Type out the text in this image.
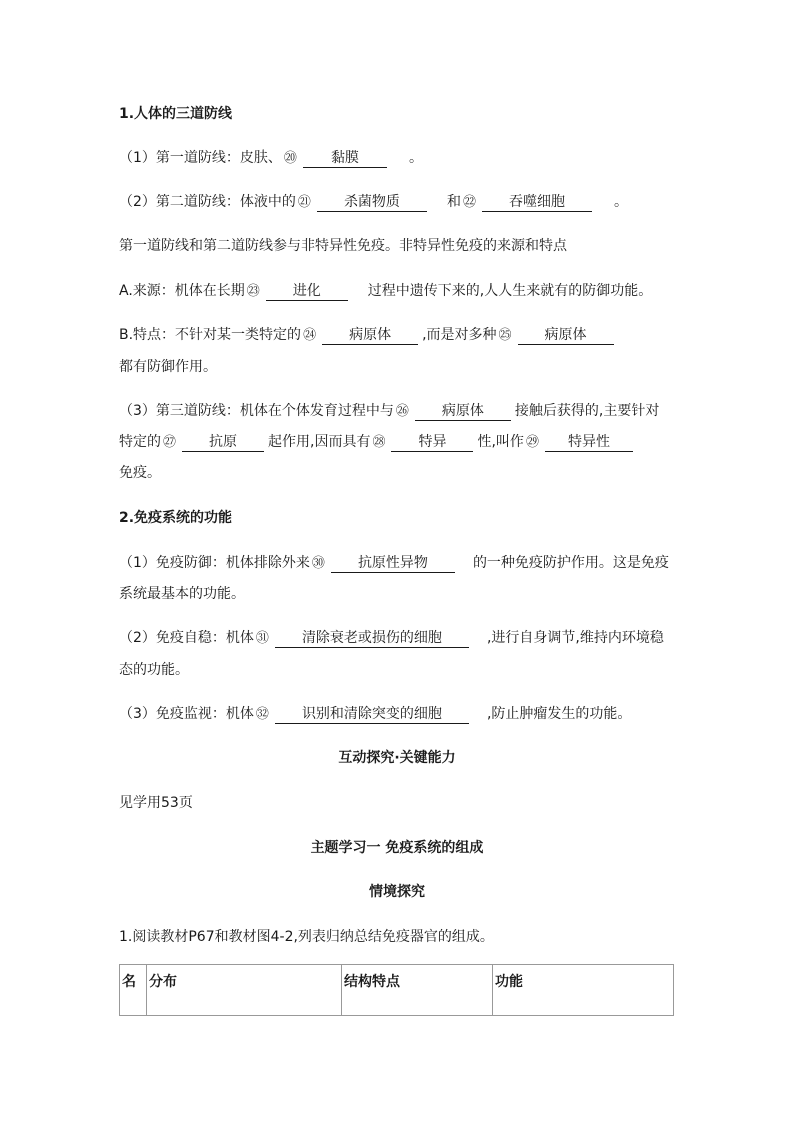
1.人体的三道防线
（1）第一道防线：皮肤、 ⑳ 黏膜	。
（2）第二道防线：体液中的 ㉑ 杀菌物质	和 ㉒ 吞噬细胞	。
第一道防线和第二道防线参与非特异性免疫。非特异性免疫的来源和特点
A.来源：机体在长期 ㉓ 进化	过程中遗传下来的,人人生来就有的防御功能。
B.特点：不针对某一类特定的 ㉔ 病原体 ,而是对多种 ㉕ 病原体
都有防御作用。
（3）第三道防线：机体在个体发育过程中与 ㉖ 病原体 接触后获得的,主要针对
特定的 ㉗ 抗原 起作用,因而具有 ㉘ 特异 性,叫作 ㉙ 特异性
免疫。
2.免疫系统的功能
（1）免疫防御：机体排除外来 ㉚ 抗原性异物	的一种免疫防护作用。这是免疫
系统最基本的功能。
（2）免疫自稳：机体 ㉛ 清除衰老或损伤的细胞	,进行自身调节,维持内环境稳
态的功能。
（3）免疫监视：机体 ㉜ 识别和清除突变的细胞	,防止肿瘤发生的功能。
互动探究·关键能力
见学用53页
主题学习一 免疫系统的组成
情境探究
1.阅读教材P67和教材图4-2,列表归纳总结免疫器官的组成。
名	分布	结构特点	功能
